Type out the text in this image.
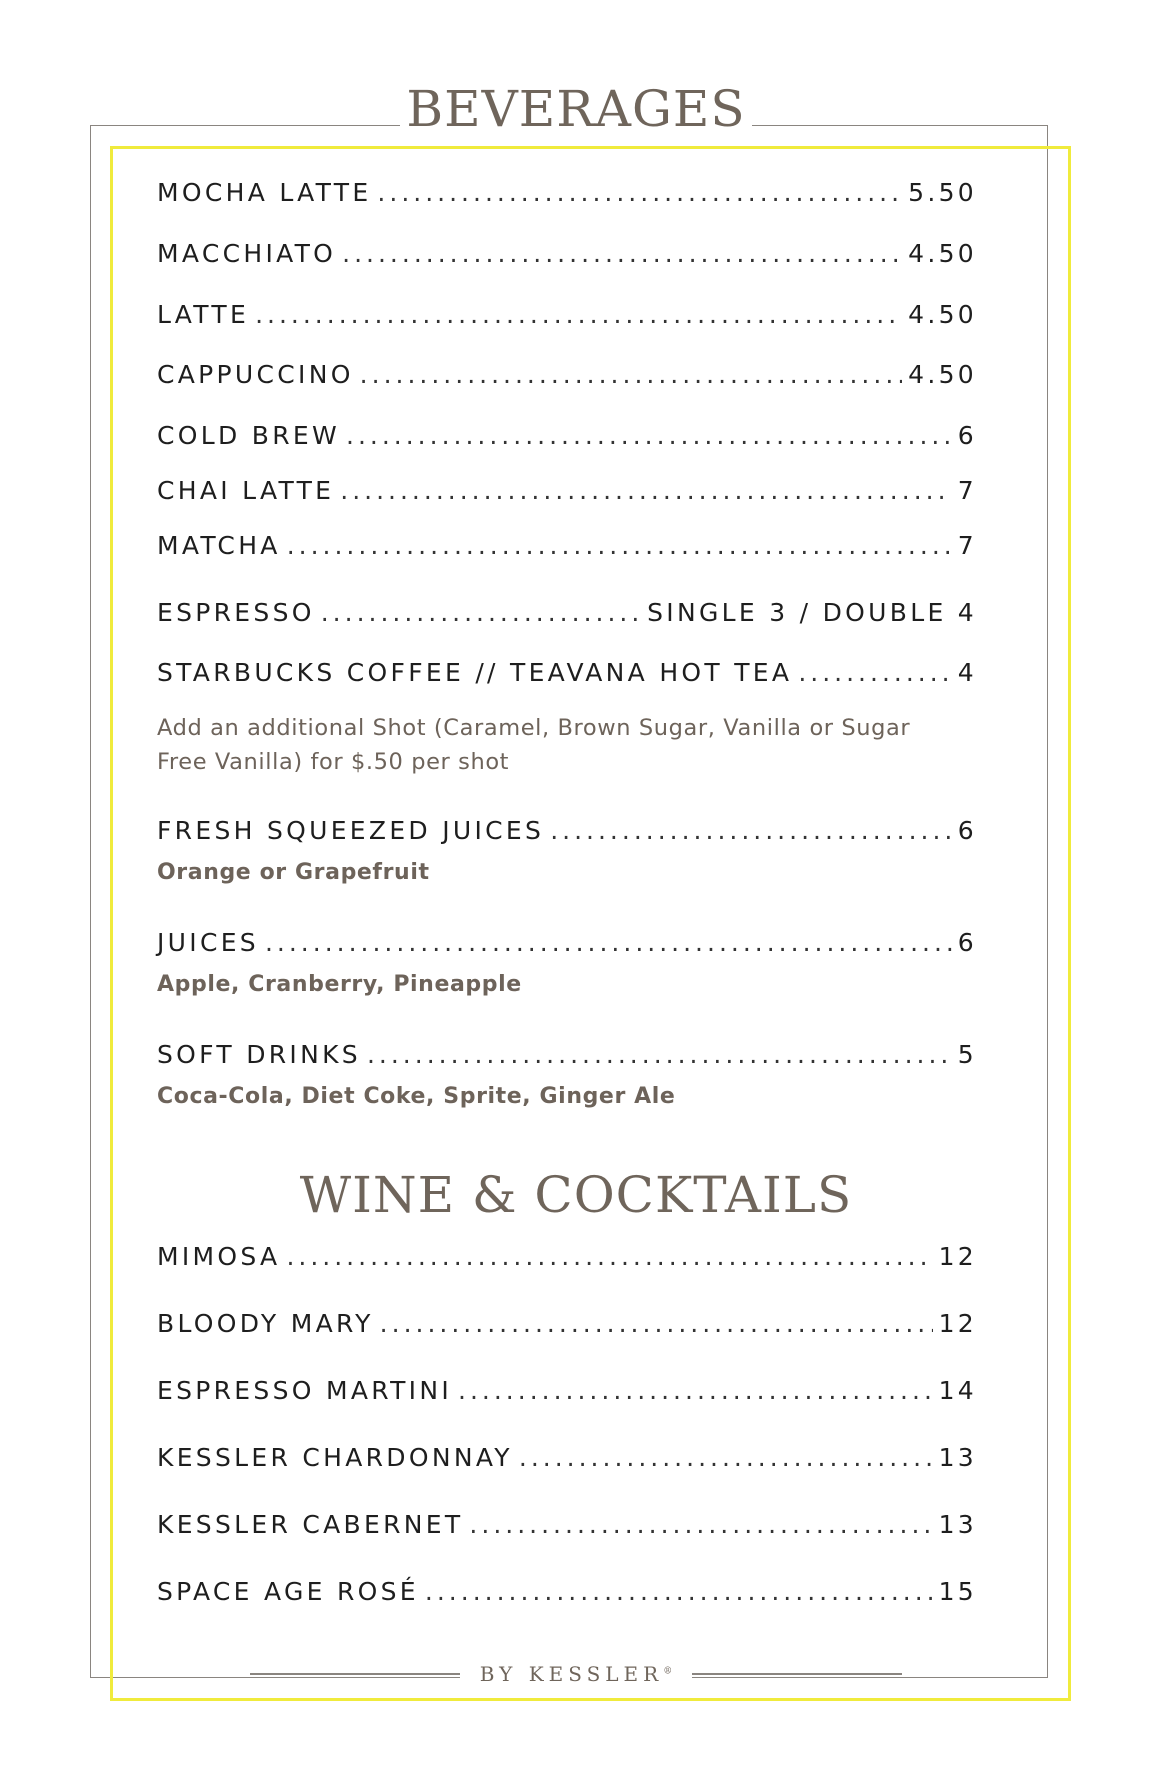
BEVERAGES
MOCHA LATTE .....	5.50
MACCHIATO .....	4.50
LATTE .....	4.50
CAPPUCCINO .....	4.50
COLD BREW .....	6
CHAI LATTE .....	7
MATCHA .....	7
ESPRESSO .....	SINGLE 3 / DOUBLE 4
STARBUCKS COFFEE // TEAVANA HOT TEA .....	4
Add an additional Shot (Caramel, Brown Sugar, Vanilla or Sugar Free Vanilla) for $.50 per shot
FRESH SQUEEZED JUICES .....	6
Orange or Grapefruit
JUICES .....	6
Apple, Cranberry, Pineapple
SOFT DRINKS .....	5
Coca-Cola, Diet Coke, Sprite, Ginger Ale
WINE & COCKTAILS
MIMOSA .....	12
BLOODY MARY .....	12
ESPRESSO MARTINI .....	14
KESSLER CHARDONNAY .....	13
KESSLER CABERNET .....	13
SPACE AGE ROSÉ .....	15
BY KESSLER®
